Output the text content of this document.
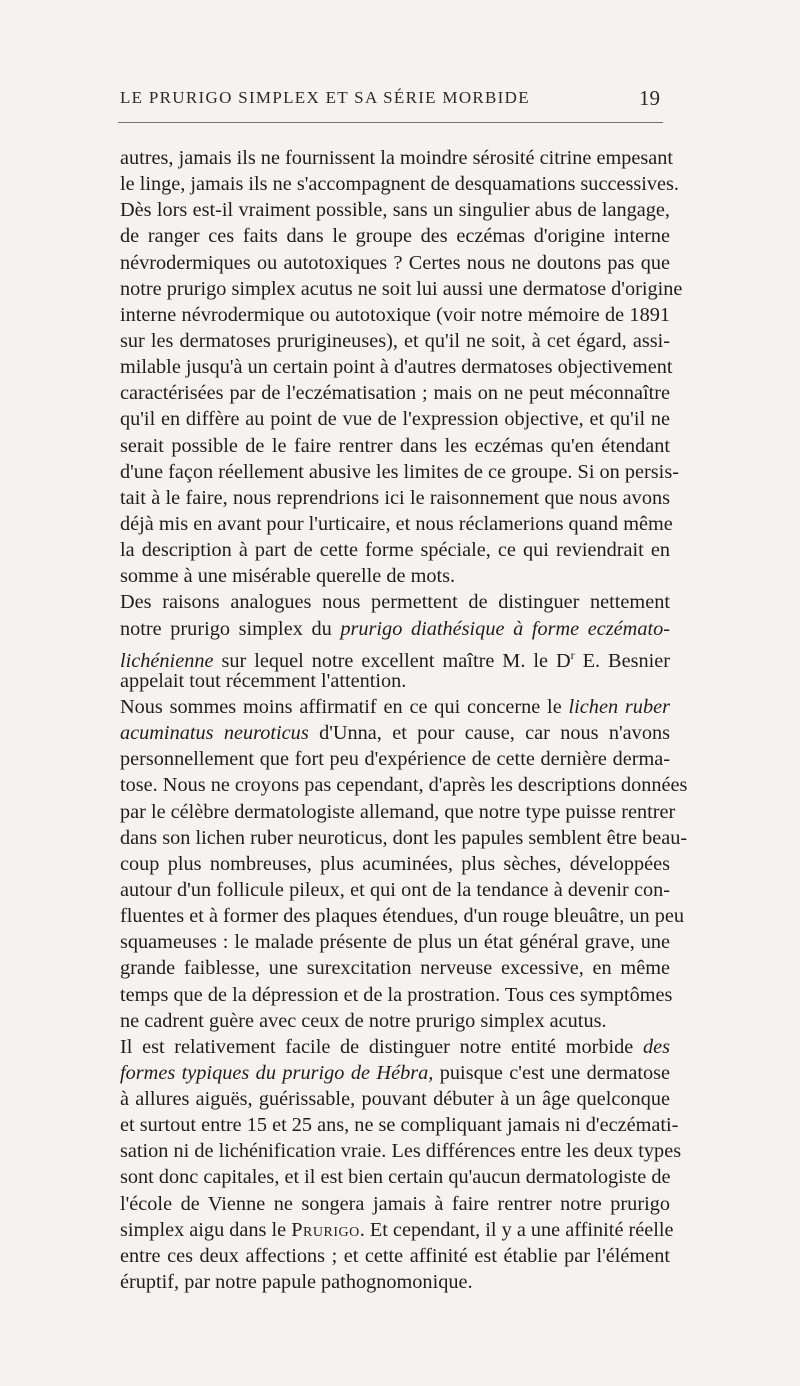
LE PRURIGO SIMPLEX ET SA SÉRIE MORBIDE	19
autres, jamais ils ne fournissent la moindre sérosité citrine empesant
le linge, jamais ils ne s'accompagnent de desquamations successives.
Dès lors est-il vraiment possible, sans un singulier abus de langage,
de ranger ces faits dans le groupe des eczémas d'origine interne
névrodermiques ou autotoxiques ? Certes nous ne doutons pas que
notre prurigo simplex acutus ne soit lui aussi une dermatose d'origine
interne névrodermique ou autotoxique (voir notre mémoire de 1891
sur les dermatoses prurigineuses), et qu'il ne soit, à cet égard, assi-
milable jusqu'à un certain point à d'autres dermatoses objectivement
caractérisées par de l'eczématisation ; mais on ne peut méconnaître
qu'il en diffère au point de vue de l'expression objective, et qu'il ne
serait possible de le faire rentrer dans les eczémas qu'en étendant
d'une façon réellement abusive les limites de ce groupe. Si on persis-
tait à le faire, nous reprendrions ici le raisonnement que nous avons
déjà mis en avant pour l'urticaire, et nous réclamerions quand même
la description à part de cette forme spéciale, ce qui reviendrait en
somme à une misérable querelle de mots.
Des raisons analogues nous permettent de distinguer nettement
notre prurigo simplex du prurigo diathésique à forme eczémato-
lichénienne sur lequel notre excellent maître M. le $D^r$ E. Besnier
appelait tout récemment l'attention.
Nous sommes moins affirmatif en ce qui concerne le lichen ruber
acuminatus neuroticus d'Unna, et pour cause, car nous n'avons
personnellement que fort peu d'expérience de cette dernière derma-
tose. Nous ne croyons pas cependant, d'après les descriptions données
par le célèbre dermatologiste allemand, que notre type puisse rentrer
dans son lichen ruber neuroticus, dont les papules semblent être beau-
coup plus nombreuses, plus acuminées, plus sèches, développées
autour d'un follicule pileux, et qui ont de la tendance à devenir con-
fluentes et à former des plaques étendues, d'un rouge bleuâtre, un peu
squameuses : le malade présente de plus un état général grave, une
grande faiblesse, une surexcitation nerveuse excessive, en même
temps que de la dépression et de la prostration. Tous ces symptômes
ne cadrent guère avec ceux de notre prurigo simplex acutus.
Il est relativement facile de distinguer notre entité morbide des
formes typiques du prurigo de Hébra, puisque c'est une dermatose
à allures aiguës, guérissable, pouvant débuter à un âge quelconque
et surtout entre 15 et 25 ans, ne se compliquant jamais ni d'eczémati-
sation ni de lichénification vraie. Les différences entre les deux types
sont donc capitales, et il est bien certain qu'aucun dermatologiste de
l'école de Vienne ne songera jamais à faire rentrer notre prurigo
simplex aigu dans le Prurigo. Et cependant, il y a une affinité réelle
entre ces deux affections ; et cette affinité est établie par l'élément
éruptif, par notre papule pathognomonique.
